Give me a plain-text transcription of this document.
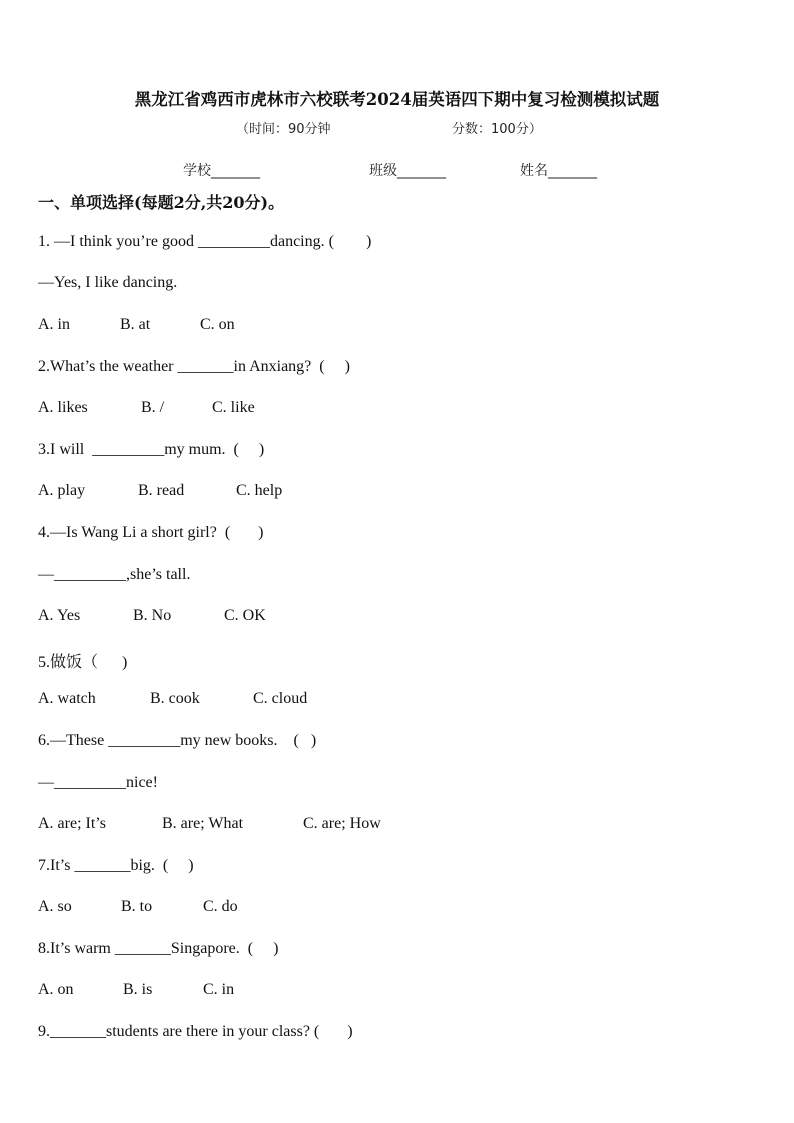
黑龙江省鸡西市虎林市六校联考2024届英语四下期中复习检测模拟试题
（时间：90分钟	分数：100分）
学校_______	班级_______	姓名_______
一、单项选择(每题2分,共20分)。
1. —I think you’re good _________dancing. (        )
—Yes, I like dancing.
A. in	B. at	C. on
2.What’s the weather _______in Anxiang?  (     )
A. likes	B. /	C. like
3.I will  _________my mum.  (     )
A. play	B. read	C. help
4.—Is Wang Li a short girl?  (       )
—_________,she’s tall.
A. Yes	B. No	C. OK
5.做饭（      )
A. watch	B. cook	C. cloud
6.—These _________my new books.    (   )
—_________nice!
A. are; It’s	B. are; What	C. are; How
7.It’s _______big.  (     )
A. so	B. to	C. do
8.It’s warm _______Singapore.  (     )
A. on	B. is	C. in
9._______students are there in your class? (       )
